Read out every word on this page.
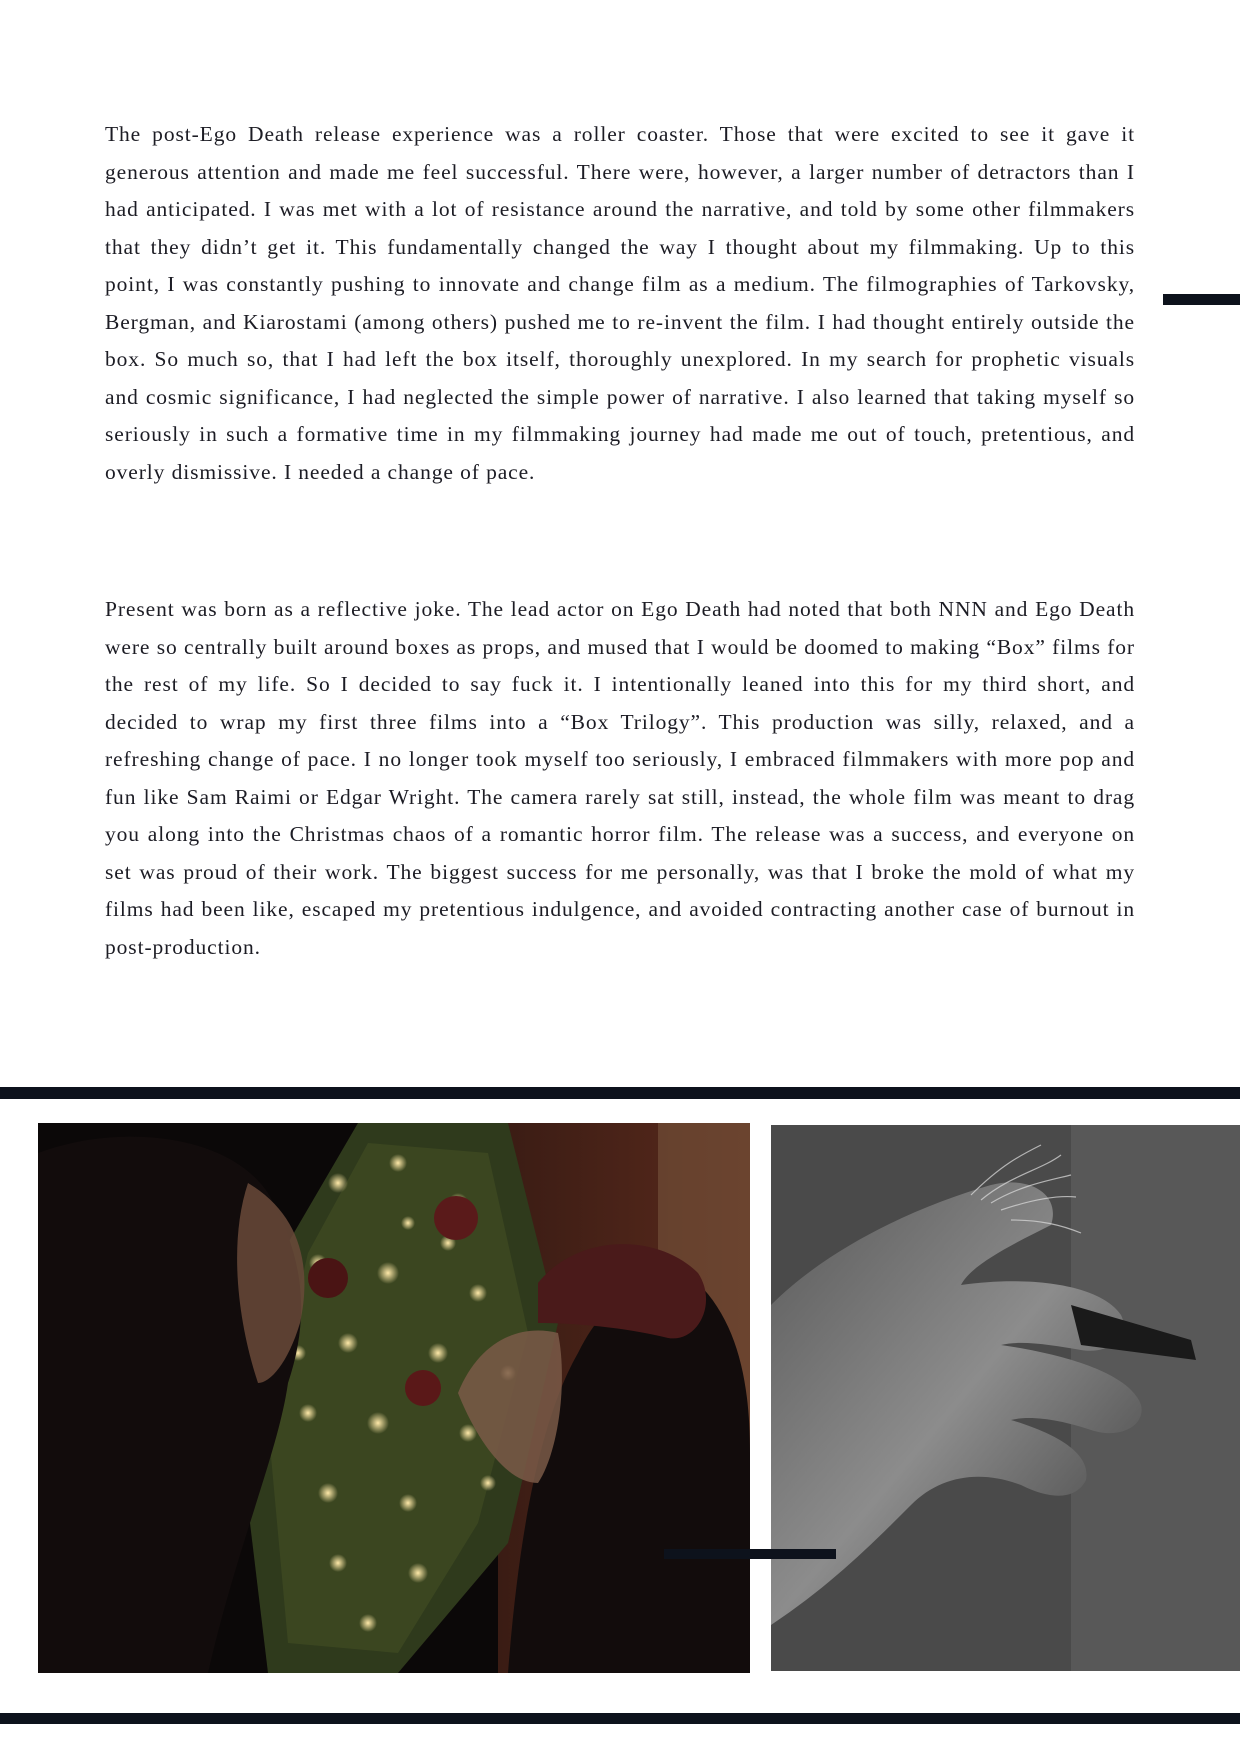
The post-Ego Death release experience was a roller coaster. Those that were excited to see it gave it generous attention and made me feel successful. There were, however, a larger number of detractors than I had anticipated. I was met with a lot of resistance around the narrative, and told by some other filmmakers that they didn’t get it. This fundamentally changed the way I thought about my filmmaking. Up to this point, I was constantly pushing to innovate and change film as a medium. The filmographies of Tarkovsky, Bergman, and Kiarostami (among others) pushed me to re-invent the film. I had thought entirely outside the box. So much so, that I had left the box itself, thoroughly unexplored. In my search for prophetic visuals and cosmic significance, I had neglected the simple power of narrative. I also learned that taking myself so seriously in such a formative time in my filmmaking journey had made me out of touch, pretentious, and overly dismissive. I needed a change of pace.

Present was born as a reflective joke. The lead actor on Ego Death had noted that both NNN and Ego Death were so centrally built around boxes as props, and mused that I would be doomed to making “Box” films for the rest of my life. So I decided to say fuck it. I intentionally leaned into this for my third short, and decided to wrap my first three films into a “Box Trilogy”. This production was silly, relaxed, and a refreshing change of pace. I no longer took myself too seriously, I embraced filmmakers with more pop and fun like Sam Raimi or Edgar Wright. The camera rarely sat still, instead, the whole film was meant to drag you along into the Christmas chaos of a romantic horror film. The release was a success, and everyone on set was proud of their work. The biggest success for me personally, was that I broke the mold of what my films had been like, escaped my pretentious indulgence, and avoided contracting another case of burnout in post-production.
